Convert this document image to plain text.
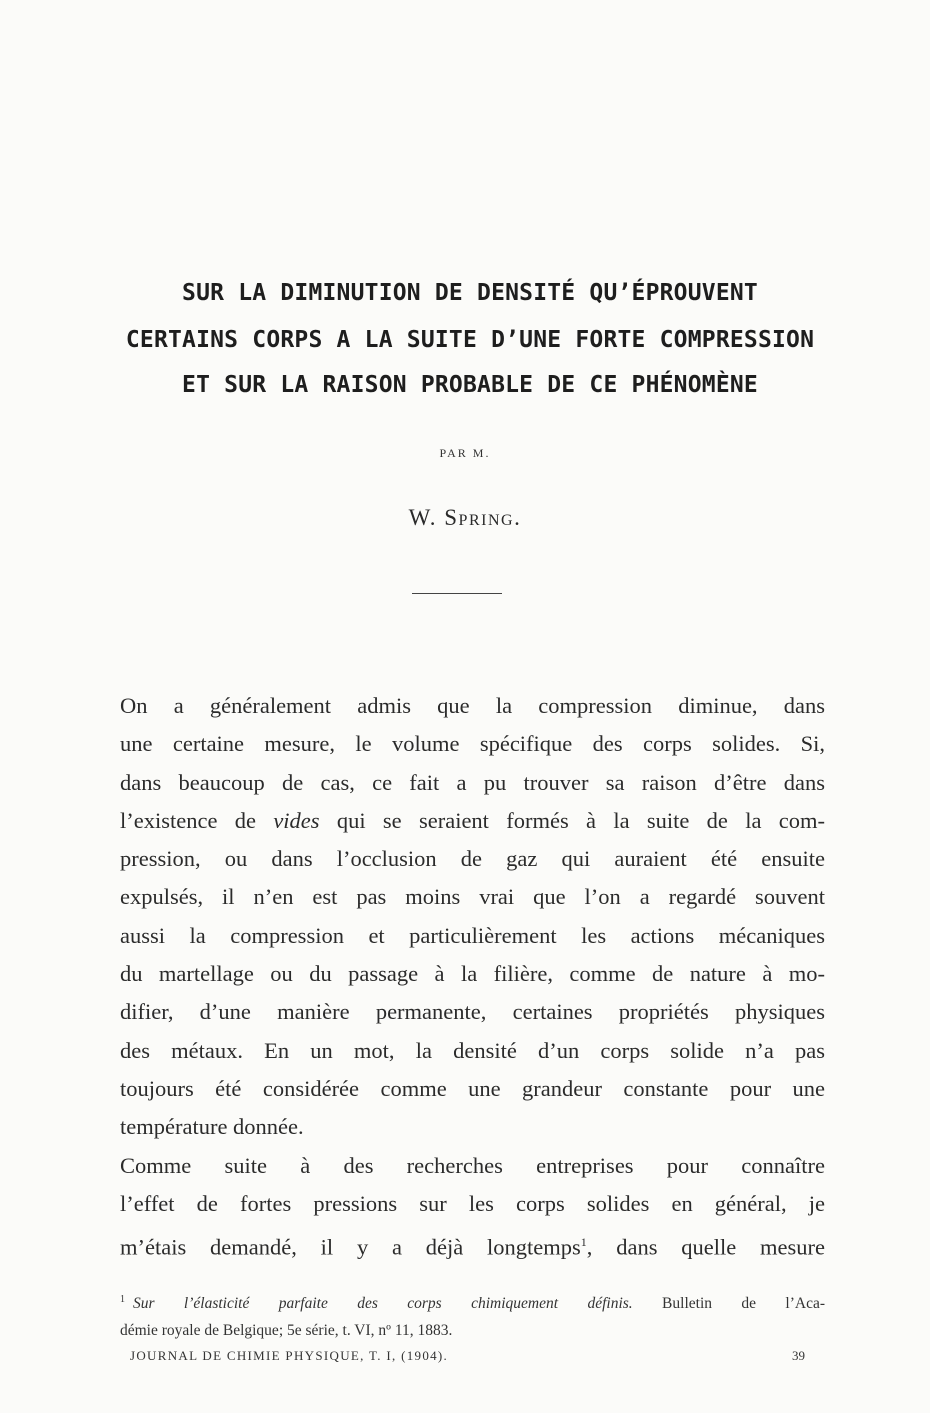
SUR LA DIMINUTION DE DENSITÉ QU’ÉPROUVENT
CERTAINS CORPS A LA SUITE D’UNE FORTE COMPRESSION
ET SUR LA RAISON PROBABLE DE CE PHÉNOMÈNE
PAR M.
W. Spring.
On a généralement admis que la compression diminue, dans
une certaine mesure, le volume spécifique des corps solides. Si,
dans beaucoup de cas, ce fait a pu trouver sa raison d’être dans
l’existence de vides qui se seraient formés à la suite de la com-
pression, ou dans l’occlusion de gaz qui auraient été ensuite
expulsés, il n’en est pas moins vrai que l’on a regardé souvent
aussi la compression et particulièrement les actions mécaniques
du martellage ou du passage à la filière, comme de nature à mo-
difier, d’une manière permanente, certaines propriétés physiques
des métaux. En un mot, la densité d’un corps solide n’a pas
toujours été considérée comme une grandeur constante pour une
température donnée.
Comme suite à des recherches entreprises pour connaître
l’effet de fortes pressions sur les corps solides en général, je
m’étais demandé, il y a déjà longtemps$^1$, dans quelle mesure
$^1$ Sur l’élasticité parfaite des corps chimiquement définis. Bulletin de l’Aca-
démie royale de Belgique; 5e série, t. VI, nº 11, 1883.
JOURNAL DE CHIMIE PHYSIQUE, T. I, (1904).	39
